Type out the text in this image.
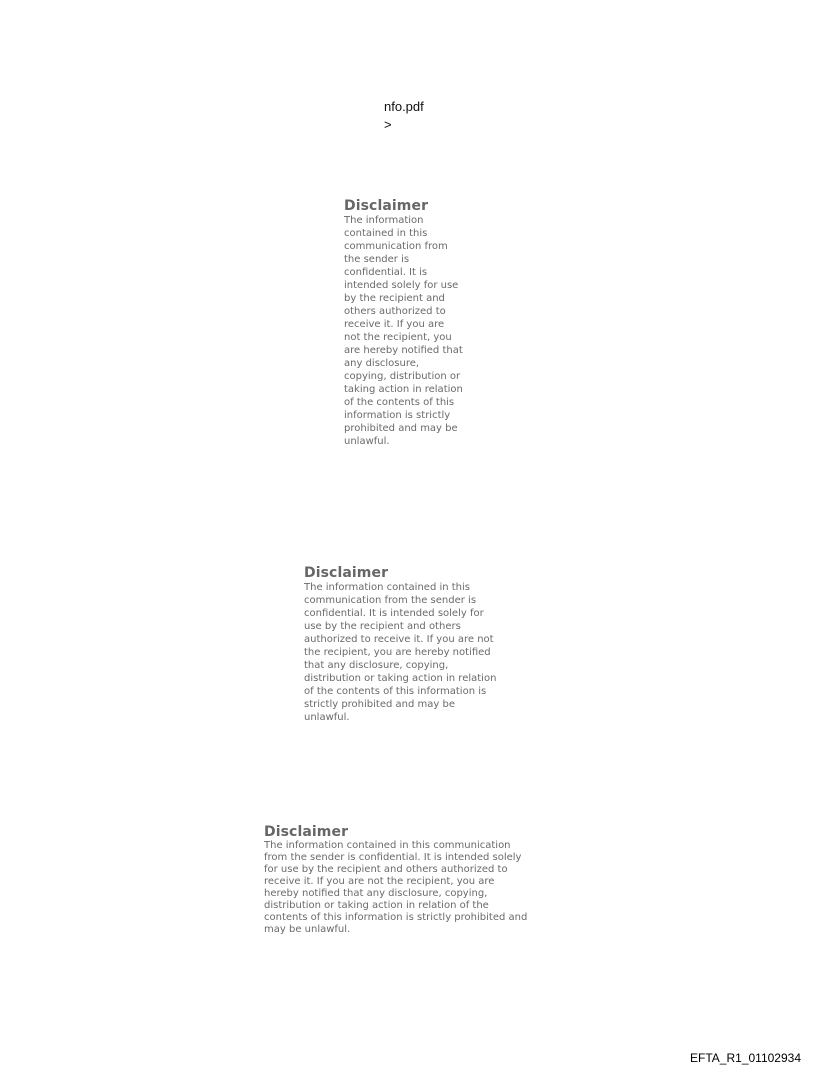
nfo.pdf
>
Disclaimer
The information
contained in this
communication from
the sender is
confidential. It is
intended solely for use
by the recipient and
others authorized to
receive it. If you are
not the recipient, you
are hereby notified that
any disclosure,
copying, distribution or
taking action in relation
of the contents of this
information is strictly
prohibited and may be
unlawful.
Disclaimer
The information contained in this
communication from the sender is
confidential. It is intended solely for
use by the recipient and others
authorized to receive it. If you are not
the recipient, you are hereby notified
that any disclosure, copying,
distribution or taking action in relation
of the contents of this information is
strictly prohibited and may be
unlawful.
Disclaimer
The information contained in this communication
from the sender is confidential. It is intended solely
for use by the recipient and others authorized to
receive it. If you are not the recipient, you are
hereby notified that any disclosure, copying,
distribution or taking action in relation of the
contents of this information is strictly prohibited and
may be unlawful.
EFTA_R1_01102934
